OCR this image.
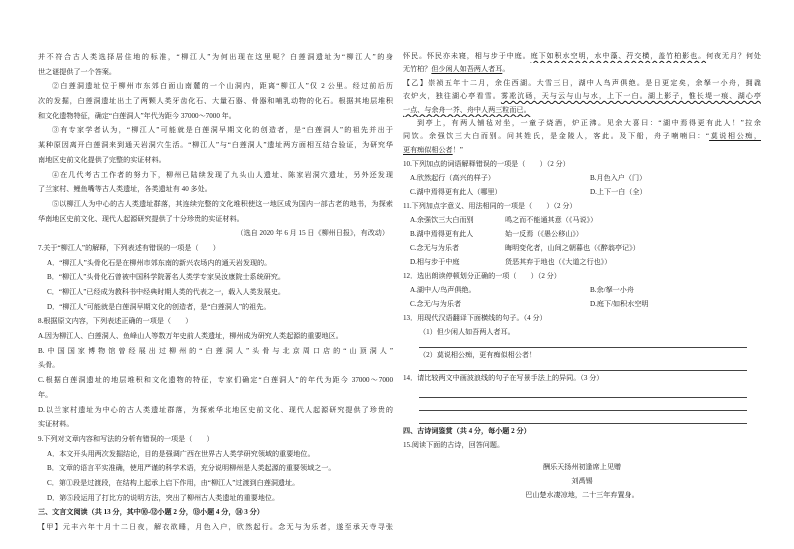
并不符合古人类选择居住地的标准，“柳江人”为何出现在这里呢？白莲洞遗址为“柳江人”的身
世之谜提供了一个答案。
②白莲洞遗址位于柳州市东郊白面山南麓的一个山洞内，距离“柳江人”仅 2 公里。经过前后历
次的发掘，白莲洞遗址出土了两颗人类牙齿化石、大量石器、骨器和哺乳动物的化石。根据其地层堆积
和文化遗物特征，确定“白莲洞人”年代为距今 37000～7000 年。
③有专家学者认为，“柳江人”可能就是白莲洞早期文化的创造者，是“白莲洞人”的祖先并出于
某种原因离开白莲洞来到通天岩洞穴生活。“柳江人”与“白莲洞人”遗址两方面相互结合验证，为研究华
南地区史前文化提供了完整的实证材料。
④在几代考古工作者的努力下，柳州已陆续发现了九头山人遗址、陈家岩洞穴遗址，另外还发现
了兰家村、鲤鱼嘴等古人类遗址，各类遗址有 40 多处。
⑤以柳江人为中心的古人类遗址群落，其连续完整的文化堆积使这一地区成为国内一部古老的地书，为探索
华南地区史前文化、现代人起源研究提供了十分珍贵的实证材料。
（选自 2020 年 6 月 15 日《柳州日报》，有改动）
7.关于“柳江人”的解释，下列表述有错误的一项是（　　）
A．“柳江人”头骨化石是在柳州市郊东南的新兴农场内的通天岩发现的。
B．“柳江人”头骨化石曾被中国科学院著名人类学专家吴汝康院士系统研究。
C．“柳江人”已经成为教科书中经典时期人类的代表之一，载入人类发展史。
D．“柳江人”可能就是白莲洞早期文化的创造者，是“白莲洞人”的祖先。
8.根据原文内容，下列表述正确的一项是（　　）
A.因为柳江人、白莲洞人、鱼峰山人等数万年史前人类遗址，柳州成为研究人类起源的重要地区。
B.中国国家博物馆曾经展出过柳州的“白莲洞人”头骨与北京周口店的“山顶洞人”
头骨。
C.根据白莲洞遗址的地层堆积和文化遗物的特征，专家们确定“白莲洞人”的年代为距今 37000～7000
年。
D.以兰家村遗址为中心的古人类遗址群落，为探索华北地区史前文化、现代人起源研究提供了珍贵的
实证材料。
9.下列对文章内容和写法的分析有错误的一项是（　　）
A．本文开头用两次发掘结论，目的是强调广西在世界古人类学研究领域的重要地位。
B．文章的语言平实准确，使用严谨的科学术语，充分说明柳州是人类起源的重要领域之一。
C．第①段是过渡段，在结构上起承上启下作用，由“柳江人”过渡到白莲洞遗址。
D．第⑤段运用了打比方的说明方法，突出了柳州古人类遗址的重要地位。
三、文言文阅读（共 13 分，其中⑩-⑫小题 2 分，⑬小题 4 分，⑭ 3 分）
【甲】元丰六年十月十二日夜，解衣欲睡，月色入户，欣然起行。念无与为乐者，遂至承天寺寻张
怀民。怀民亦未寝，相与步于中庭。庭下如积水空明，水中藻、荇交横，盖竹柏影也。何夜无月？何处
无竹柏？但少闲人如吾两人者耳。
【乙】崇祯五年十二月，余住西湖。大雪三日，湖中人鸟声俱绝。是日更定矣，余拏一小舟，拥毳
衣炉火，独往湖心亭看雪。雾凇沆砀，天与云与山与水，上下一白。湖上影子，惟长堤一痕、湖心亭
一点、与余舟一芥、舟中人两三粒而已。
到亭上，有两人铺毡对坐，一童子烧酒，炉正沸。见余大喜曰：“湖中焉得更有此人！”拉余
同饮。余强饮三大白而别。问其姓氏，是金陵人，客此。及下船，舟子喃喃曰：“莫说相公痴，
更有痴似相公者！”
10.下列加点的词语解释错误的一项是（　　）（2 分）
A.欣然起行（高兴的样子）	B.月色入户（门）
C.湖中焉得更有此人（哪里）	D.上下一白（全）
11.下列加点字意义、用法相同的一项是（　　）（2 分）
A.余强饮三大白而别	鸣之而不能通其意（《马说》）
B.湖中焉得更有此人	始一反焉（《愚公移山》）
C.念无与为乐者	晦明变化者，山间之朝暮也（《醉翁亭记》）
D.相与步于中庭	货恶其弃于地也（《大道之行也》）
12．选出朗读停顿划分正确的一项（　　）（2 分）
A.湖中人/鸟声俱绝。	B.余/拏一小舟
C.念无/与为乐者	D.庭下/如积水空明
13．用现代汉语翻译下面横线的句子。（4 分）
（1）但少闲人如吾两人者耳。
（2）莫说相公痴，更有痴似相公者！
14．请比较两文中画波浪线的句子在写景手法上的异同。（3 分）
四、古诗词鉴赏（共 4 分，每小题 2 分）
15.阅读下面的古诗，回答问题。
酬乐天扬州初逢席上见赠
刘禹锡
巴山楚水凄凉地，二十三年弃置身。
